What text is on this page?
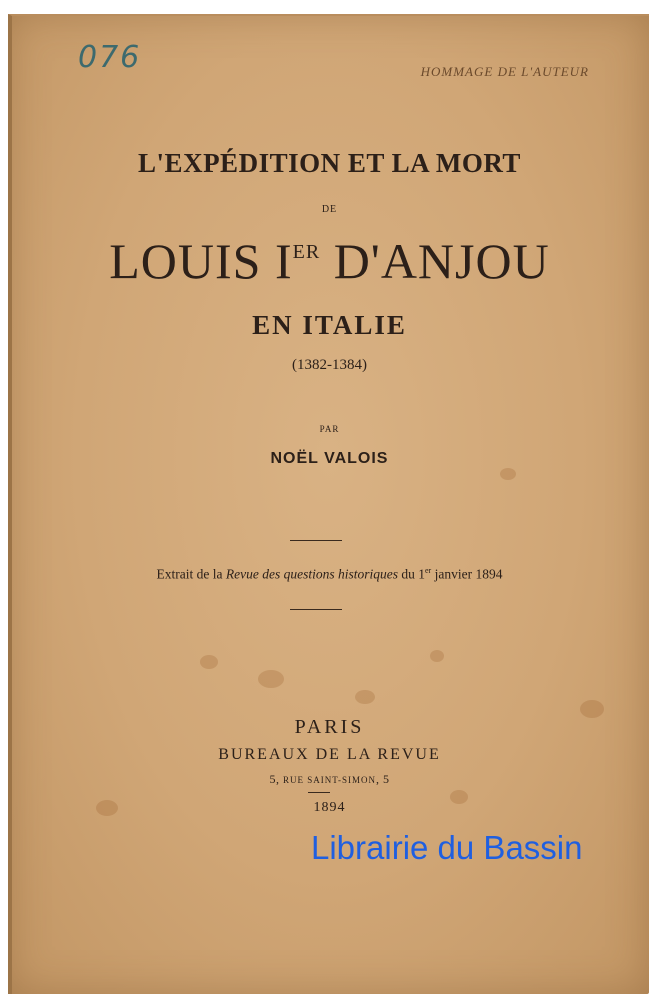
076	HOMMAGE DE L'AUTEUR
L'EXPÉDITION ET LA MORT
DE
LOUIS IER D'ANJOU
EN ITALIE
(1382-1384)
PAR
NOËL VALOIS
Extrait de la Revue des questions historiques du 1er janvier 1894
PARIS
BUREAUX DE LA REVUE
5, RUE SAINT-SIMON, 5
1894
Librairie du Bassin
